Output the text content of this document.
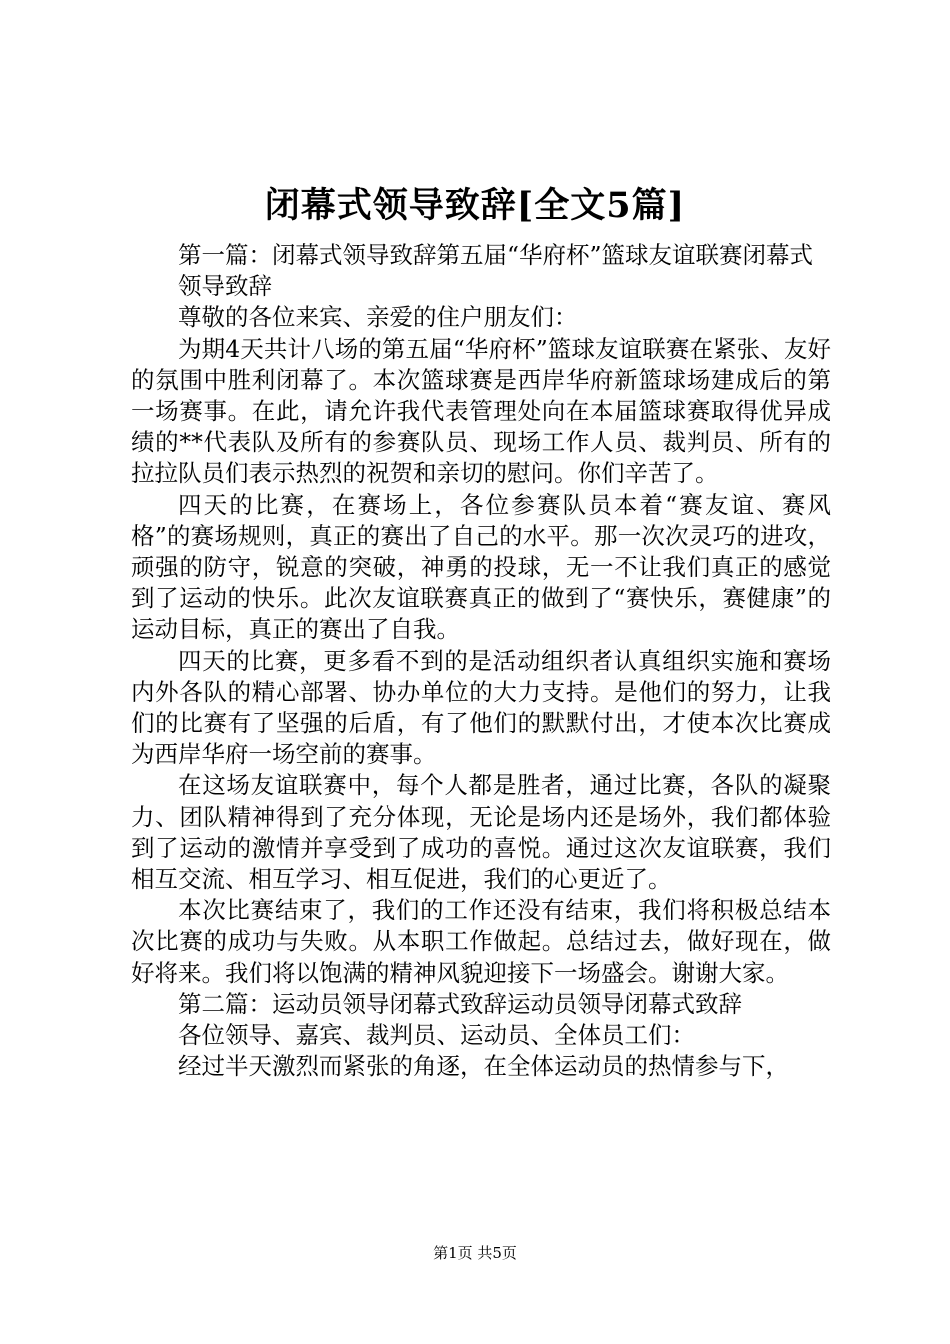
闭幕式领导致辞[全文5篇]

第一篇：闭幕式领导致辞第五届“华府杯”篮球友谊联赛闭幕式

领导致辞

尊敬的各位来宾、亲爱的住户朋友们：

为期4天共计八场的第五届“华府杯”篮球友谊联赛在紧张、友好的氛围中胜利闭幕了。本次篮球赛是西岸华府新篮球场建成后的第一场赛事。在此，请允许我代表管理处向在本届篮球赛取得优异成绩的**代表队及所有的参赛队员、现场工作人员、裁判员、所有的拉拉队员们表示热烈的祝贺和亲切的慰问。你们辛苦了。

四天的比赛，在赛场上，各位参赛队员本着“赛友谊、赛风格”的赛场规则，真正的赛出了自己的水平。那一次次灵巧的进攻，顽强的防守，锐意的突破，神勇的投球，无一不让我们真正的感觉到了运动的快乐。此次友谊联赛真正的做到了“赛快乐，赛健康”的运动目标，真正的赛出了自我。

四天的比赛，更多看不到的是活动组织者认真组织实施和赛场内外各队的精心部署、协办单位的大力支持。是他们的努力，让我们的比赛有了坚强的后盾，有了他们的默默付出，才使本次比赛成为西岸华府一场空前的赛事。

在这场友谊联赛中，每个人都是胜者，通过比赛，各队的凝聚力、团队精神得到了充分体现，无论是场内还是场外，我们都体验到了运动的激情并享受到了成功的喜悦。通过这次友谊联赛，我们相互交流、相互学习、相互促进，我们的心更近了。

本次比赛结束了，我们的工作还没有结束，我们将积极总结本次比赛的成功与失败。从本职工作做起。总结过去，做好现在，做好将来。我们将以饱满的精神风貌迎接下一场盛会。谢谢大家。

第二篇：运动员领导闭幕式致辞运动员领导闭幕式致辞

各位领导、嘉宾、裁判员、运动员、全体员工们：

经过半天激烈而紧张的角逐，在全体运动员的热情参与下，

第1页 共5页
